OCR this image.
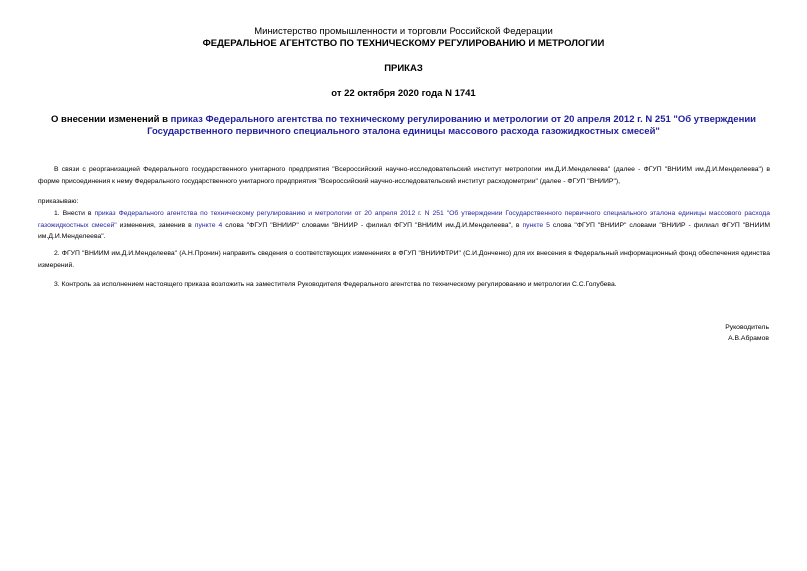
Министерство промышленности и торговли Российской Федерации
ФЕДЕРАЛЬНОЕ АГЕНТСТВО ПО ТЕХНИЧЕСКОМУ РЕГУЛИРОВАНИЮ И МЕТРОЛОГИИ
ПРИКАЗ
от 22 октября 2020 года N 1741
О внесении изменений в приказ Федерального агентства по техническому регулированию и метрологии от 20 апреля 2012 г. N 251 "Об утверждении Государственного первичного специального эталона единицы массового расхода газожидкостных смесей"
В связи с реорганизацией Федерального государственного унитарного предприятия "Всероссийский научно-исследовательский институт метрологии им.Д.И.Менделеева" (далее - ФГУП "ВНИИМ им.Д.И.Менделеева") в форме присоединения к нему Федерального государственного унитарного предприятия "Всероссийский научно-исследовательский институт расходометрии" (далее - ФГУП "ВНИИР"),
приказываю:
1. Внести в приказ Федерального агентства по техническому регулированию и метрологии от 20 апреля 2012 г. N 251 "Об утверждении Государственного первичного специального эталона единицы массового расхода газожидкостных смесей" изменения, заменив в пункте 4 слова "ФГУП "ВНИИР" словами "ВНИИР - филиал ФГУП "ВНИИМ им.Д.И.Менделеева", в пункте 5 слова "ФГУП "ВНИИР" словами "ВНИИР - филиал ФГУП "ВНИИМ им.Д.И.Менделеева".
2. ФГУП "ВНИИМ им.Д.И.Менделеева" (А.Н.Пронин) направить сведения о соответствующих изменениях в ФГУП "ВНИИФТРИ" (С.И.Донченко) для их внесения в Федеральный информационный фонд обеспечения единства измерений.
3. Контроль за исполнением настоящего приказа возложить на заместителя Руководителя Федерального агентства по техническому регулированию и метрологии С.С.Голубева.
Руководитель
А.В.Абрамов
